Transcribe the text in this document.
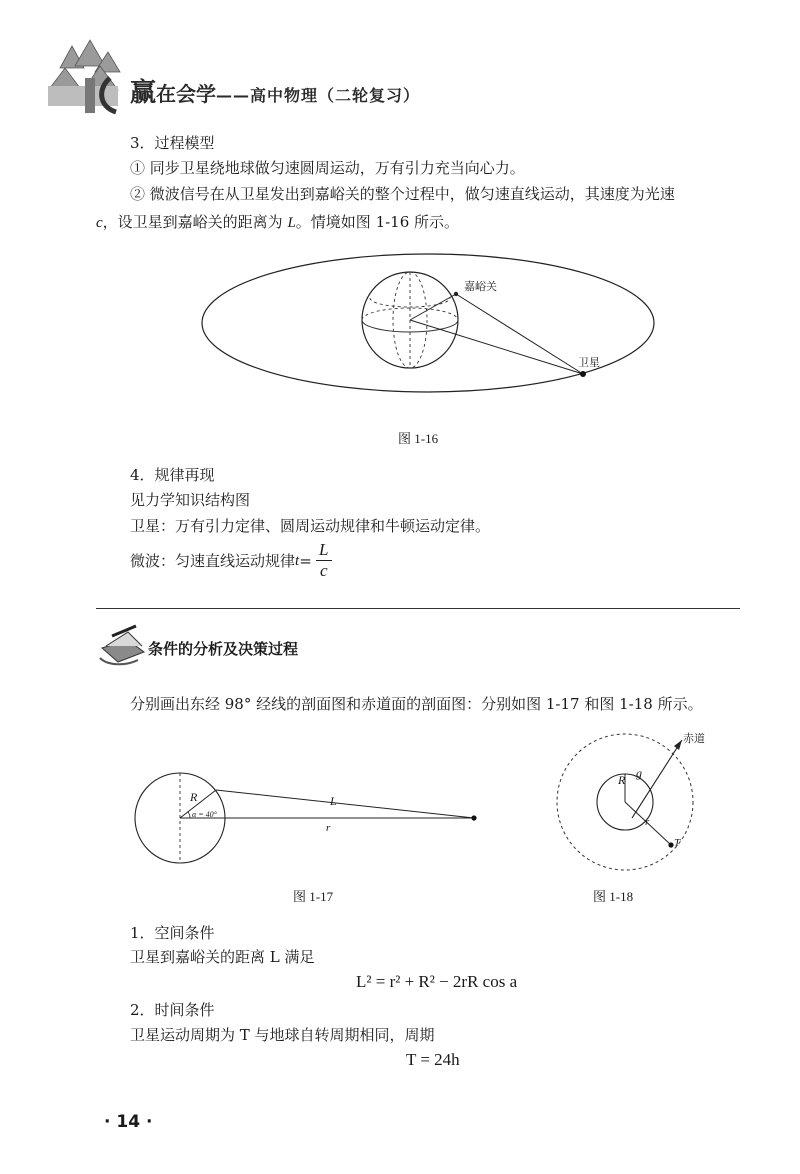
赢在会学——高中物理（二轮复习）
3．过程模型
① 同步卫星绕地球做匀速圆周运动，万有引力充当向心力。
② 微波信号在从卫星发出到嘉峪关的整个过程中，做匀速直线运动，其速度为光速
c，设卫星到嘉峪关的距离为 L。情境如图 1-16 所示。
嘉峪关
卫星
图 1-16
4．规律再现
见力学知识结构图
卫星：万有引力定律、圆周运动规律和牛顿运动定律。
微波：匀速直线运动规律 $t = \frac{L}{c}$
条件的分析及决策过程
分别画出东经 98° 经线的剖面图和赤道面的剖面图：分别如图 1-17 和图 1-18 所示。
R	L
r
α = 40°
图 1-17
R g
r
T
赤道
图 1-18
1．空间条件
卫星到嘉峪关的距离 L 满足
L² = r² + R² − 2rR cos a
2．时间条件
卫星运动周期为 T 与地球自转周期相同，周期
T = 24h
· 14 ·
